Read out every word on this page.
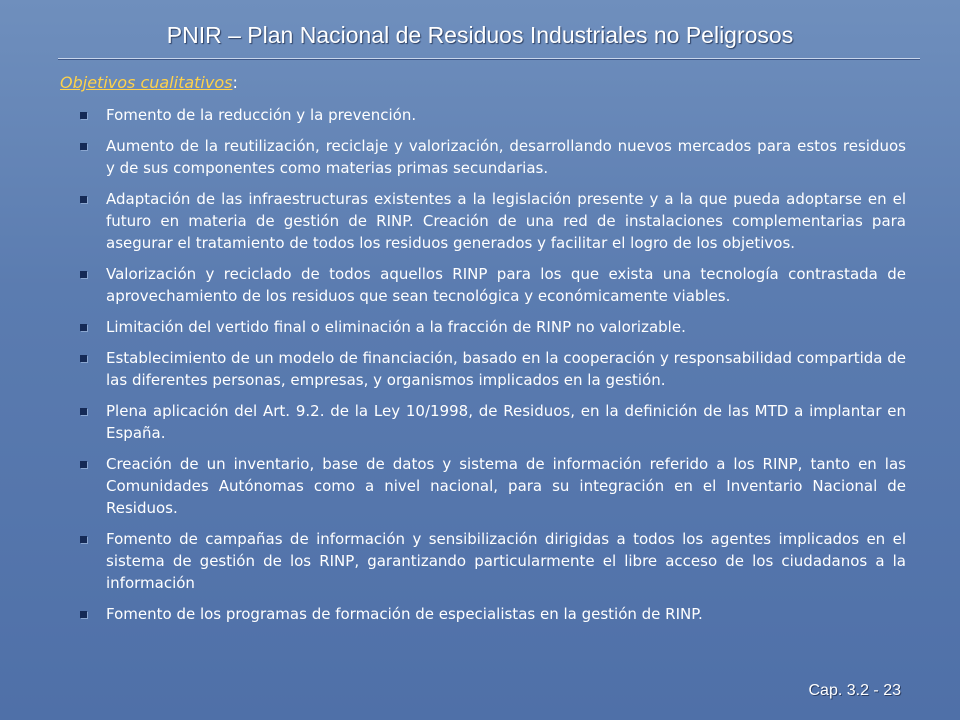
PNIR – Plan Nacional de Residuos Industriales no Peligrosos
Objetivos cualitativos:
Fomento de la reducción y la prevención.
Aumento de la reutilización, reciclaje y valorización, desarrollando nuevos mercados para estos residuos y de sus componentes como materias primas secundarias.
Adaptación de las infraestructuras existentes a la legislación presente y a la que pueda adoptarse en el futuro en materia de gestión de RINP. Creación de una red de instalaciones complementarias para asegurar el tratamiento de todos los residuos generados y facilitar el logro de los objetivos.
Valorización y reciclado de todos aquellos RINP para los que exista una tecnología contrastada de aprovechamiento de los residuos que sean tecnológica y económicamente viables.
Limitación del vertido final o eliminación a la fracción de RINP no valorizable.
Establecimiento de un modelo de financiación, basado en la cooperación y responsabilidad compartida de las diferentes personas, empresas, y organismos implicados en la gestión.
Plena aplicación del Art. 9.2. de la Ley 10/1998, de Residuos, en la definición de las MTD a implantar en España.
Creación de un inventario, base de datos y sistema de información referido a los RINP, tanto en las Comunidades Autónomas como a nivel nacional, para su integración en el Inventario Nacional de Residuos.
Fomento de campañas de información y sensibilización dirigidas a todos los agentes implicados en el sistema de gestión de los RINP, garantizando particularmente el libre acceso de los ciudadanos a la información
Fomento de los programas de formación de especialistas en la gestión de RINP.
Cap. 3.2 - 23
